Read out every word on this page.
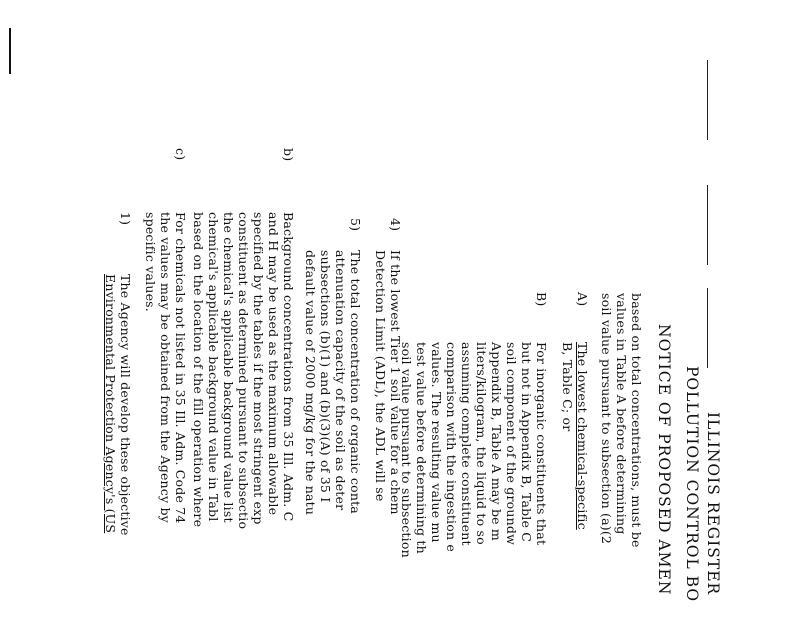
ILLINOIS REGISTER
POLLUTION CONTROL BO
NOTICE OF PROPOSED AMEN
based on total concentrations, must be
values in Table A before determining
soil value pursuant to subsection (a)(2
A)
The lowest chemical-specific
B, Table C; or
B)
For inorganic constituents that
but not in Appendix B, Table C
soil component of the groundw
Appendix B, Table A may be m
liters/kilogram, the liquid to so
assuming complete constituent
comparison with the ingestion e
values. The resulting value mu
test value before determining th
soil value pursuant to subsection
4)
If the lowest Tier 1 soil value for a chem
Detection Limit (ADL), the ADL will se
5)
The total concentration of organic conta
attenuation capacity of the soil as deter
subsections (b)(1) and (b)(3)(A) of 35 I
default value of 2000 mg/kg for the natu
b)
Background concentrations from 35 Ill. Adm. C
and H may be used as the maximum allowable
specified by the tables if the most stringent exp
constituent as determined pursuant to subsectio
the chemical's applicable background value list
chemical's applicable background value in Tabl
based on the location of the fill operation where
c)
For chemicals not listed in 35 Ill. Adm. Code 74
the values may be obtained from the Agency by
specific values.
1)
The Agency will develop these objective
Environmental Protection Agency's (US
